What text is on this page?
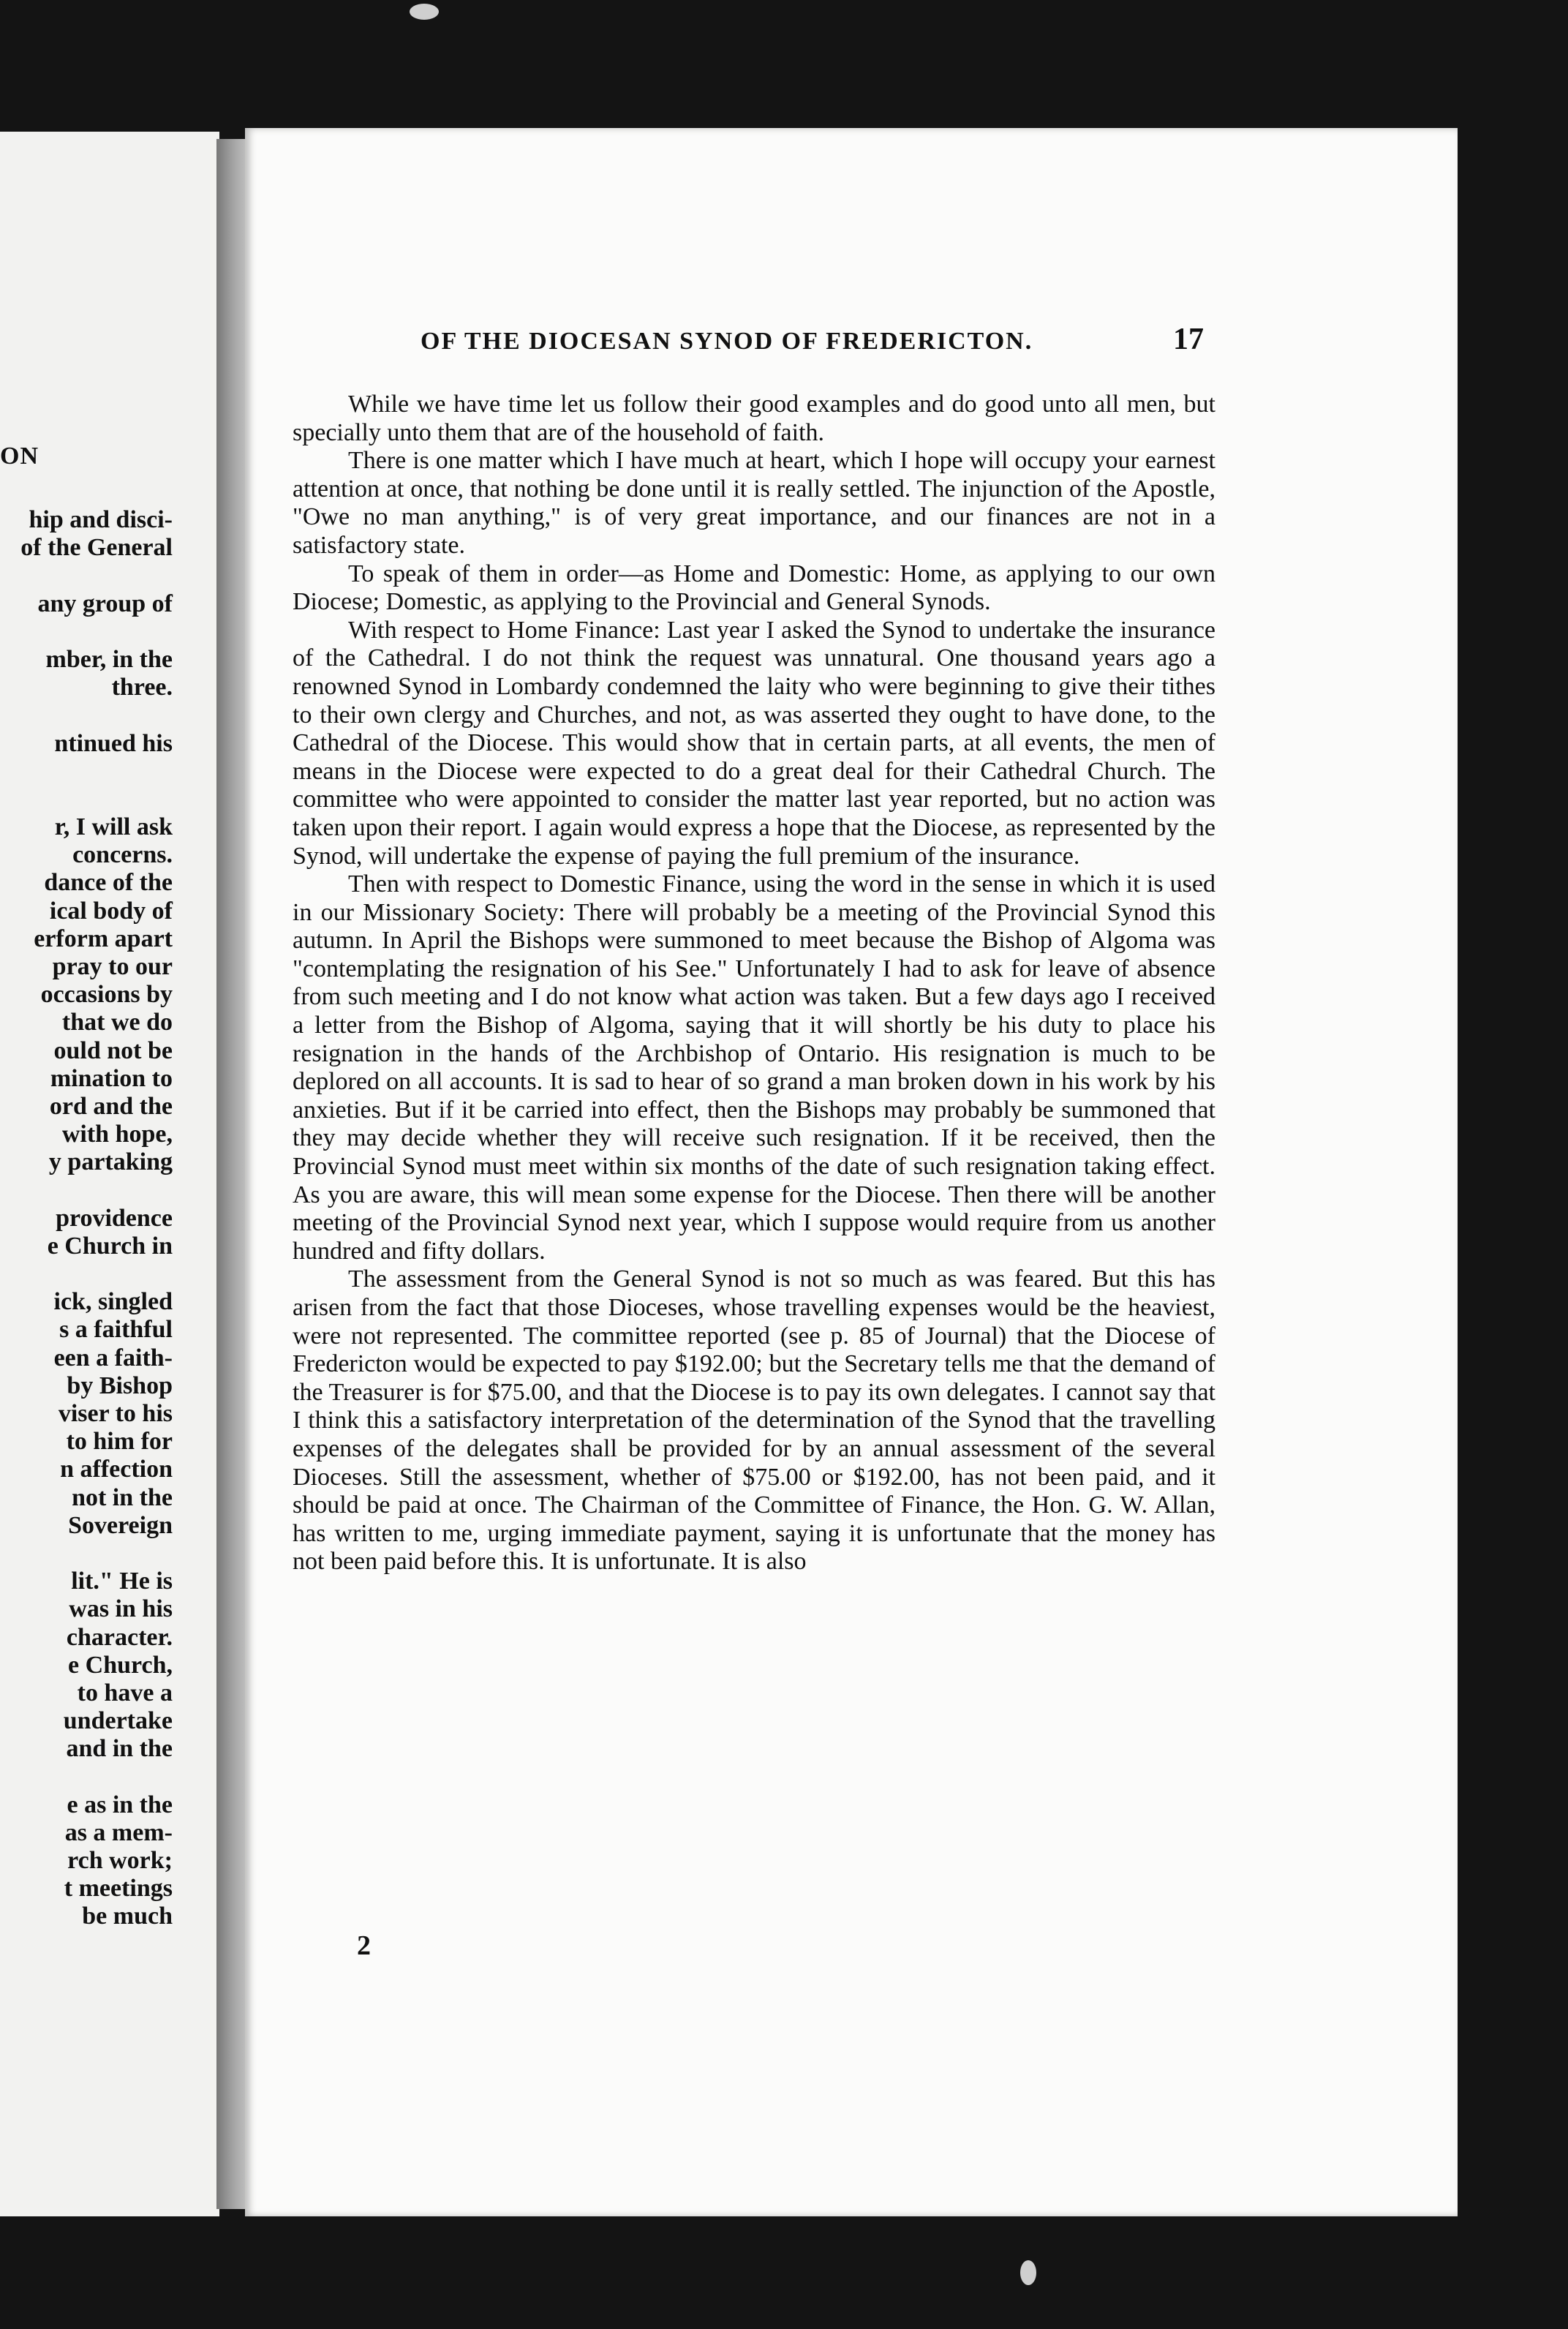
ON
hip and disci-
of the General
any group of
mber, in the
three.
ntinued his
r, I will ask
concerns.
dance of the
ical body of
erform apart
pray to our
occasions by
that we do
ould not be
mination to
ord and the
with hope,
y partaking
providence
e Church in
ick, singled
s a faithful
een a faith-
by Bishop
viser to his
to him for
n affection
not in the
Sovereign
lit." He is
was in his
character.
e Church,
to have a
undertake
and in the
e as in the
as a mem-
rch work;
t meetings
be much
OF THE DIOCESAN SYNOD OF FREDERICTON.	17

While we have time let us follow their good examples and do good unto all men, but specially unto them that are of the household of faith.

There is one matter which I have much at heart, which I hope will occupy your earnest attention at once, that nothing be done until it is really settled. The injunction of the Apostle, "Owe no man anything," is of very great importance, and our finances are not in a satisfactory state.

To speak of them in order—as Home and Domestic: Home, as applying to our own Diocese; Domestic, as applying to the Provincial and General Synods.

With respect to Home Finance: Last year I asked the Synod to undertake the insurance of the Cathedral. I do not think the request was unnatural. One thousand years ago a renowned Synod in Lombardy condemned the laity who were beginning to give their tithes to their own clergy and Churches, and not, as was asserted they ought to have done, to the Cathedral of the Diocese. This would show that in certain parts, at all events, the men of means in the Diocese were expected to do a great deal for their Cathedral Church. The committee who were appointed to consider the matter last year reported, but no action was taken upon their report. I again would express a hope that the Diocese, as represented by the Synod, will undertake the expense of paying the full premium of the insurance.

Then with respect to Domestic Finance, using the word in the sense in which it is used in our Missionary Society: There will probably be a meeting of the Provincial Synod this autumn. In April the Bishops were summoned to meet because the Bishop of Algoma was "contemplating the resignation of his See." Unfortunately I had to ask for leave of absence from such meeting and I do not know what action was taken. But a few days ago I received a letter from the Bishop of Algoma, saying that it will shortly be his duty to place his resignation in the hands of the Archbishop of Ontario. His resignation is much to be deplored on all accounts. It is sad to hear of so grand a man broken down in his work by his anxieties. But if it be carried into effect, then the Bishops may probably be summoned that they may decide whether they will receive such resignation. If it be received, then the Provincial Synod must meet within six months of the date of such resignation taking effect. As you are aware, this will mean some expense for the Diocese. Then there will be another meeting of the Provincial Synod next year, which I suppose would require from us another hundred and fifty dollars.

The assessment from the General Synod is not so much as was feared. But this has arisen from the fact that those Dioceses, whose travelling expenses would be the heaviest, were not represented. The committee reported (see p. 85 of Journal) that the Diocese of Fredericton would be expected to pay $192.00; but the Secretary tells me that the demand of the Treasurer is for $75.00, and that the Diocese is to pay its own delegates. I cannot say that I think this a satisfactory interpretation of the determination of the Synod that the travelling expenses of the delegates shall be provided for by an annual assessment of the several Dioceses. Still the assessment, whether of $75.00 or $192.00, has not been paid, and it should be paid at once. The Chairman of the Committee of Finance, the Hon. G. W. Allan, has written to me, urging immediate payment, saying it is unfortunate that the money has not been paid before this. It is unfortunate. It is also

2
